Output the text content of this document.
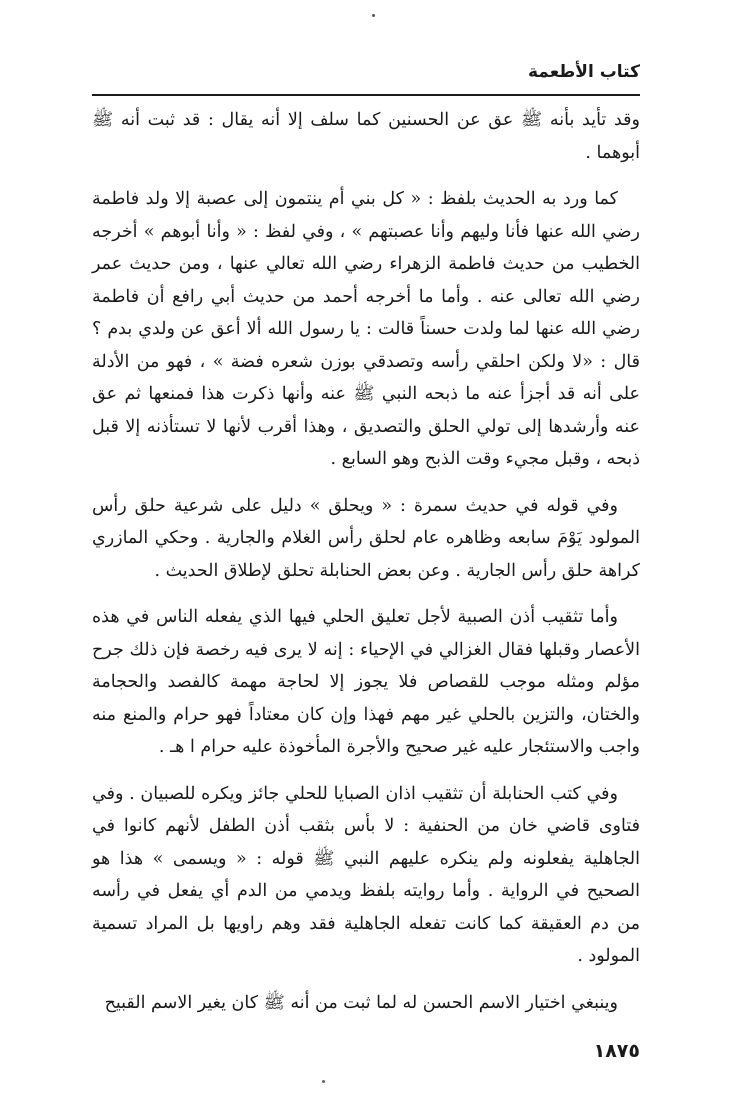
كتاب الأطعمة

وقد تأيد بأنه ﷺ عق عن الحسنين كما سلف إلا أنه يقال : قد ثبت أنه ﷺ أبوهما .

كما ورد به الحديث بلفظ : « كل بني أم ينتمون إلى عصبة إلا ولد فاطمة رضي الله عنها فأنا وليهم وأنا عصبتهم » ، وفي لفظ : « وأنا أبوهم » أخرجه الخطيب من حديث فاطمة الزهراء رضي الله تعالي عنها ، ومن حديث عمر رضي الله تعالى عنه . وأما ما أخرجه أحمد من حديث أبي رافع أن فاطمة رضي الله عنها لما ولدت حسناً قالت : يا رسول الله ألا أعق عن ولدي بدم ؟ قال : «لا ولكن احلقي رأسه وتصدقي بوزن شعره فضة » ، فهو من الأدلة على أنه قد أجزأ عنه ما ذبحه النبي ﷺ عنه وأنها ذكرت هذا فمنعها ثم عق عنه وأرشدها إلى تولي الحلق والتصديق ، وهذا أقرب لأنها لا تستأذنه إلا قبل ذبحه ، وقبل مجيء وقت الذبح وهو السابع .

وفي قوله في حديث سمرة : « ويحلق » دليل على شرعية حلق رأس المولود يَوْمَ سابعه وظاهره عام لحلق رأس الغلام والجارية . وحكي المازري كراهة حلق رأس الجارية . وعن بعض الحنابلة تحلق لإطلاق الحديث .

وأما تثقيب أذن الصبية لأجل تعليق الحلي فيها الذي يفعله الناس في هذه الأعصار وقبلها فقال الغزالي في الإحياء : إنه لا يرى فيه رخصة فإن ذلك جرح مؤلم ومثله موجب للقصاص فلا يجوز إلا لحاجة مهمة كالفصد والحجامة والختان، والتزين بالحلي غير مهم فهذا وإن كان معتاداً فهو حرام والمنع منه واجب والاستئجار عليه غير صحيح والأجرة المأخوذة عليه حرام ا هـ .

وفي كتب الحنابلة أن تثقيب اذان الصبايا للحلي جائز ويكره للصبيان . وفي فتاوى قاضي خان من الحنفية : لا بأس بثقب أذن الطفل لأنهم كانوا في الجاهلية يفعلونه ولم ينكره عليهم النبي ﷺ قوله : « ويسمى » هذا هو الصحيح في الرواية . وأما روايته بلفظ ويدمي من الدم أي يفعل في رأسه من دم العقيقة كما كانت تفعله الجاهلية فقد وهم راويها بل المراد تسمية المولود .

وينبغي اختيار الاسم الحسن له لما ثبت من أنه ﷺ كان يغير الاسم القبيح

١٨٧٥
